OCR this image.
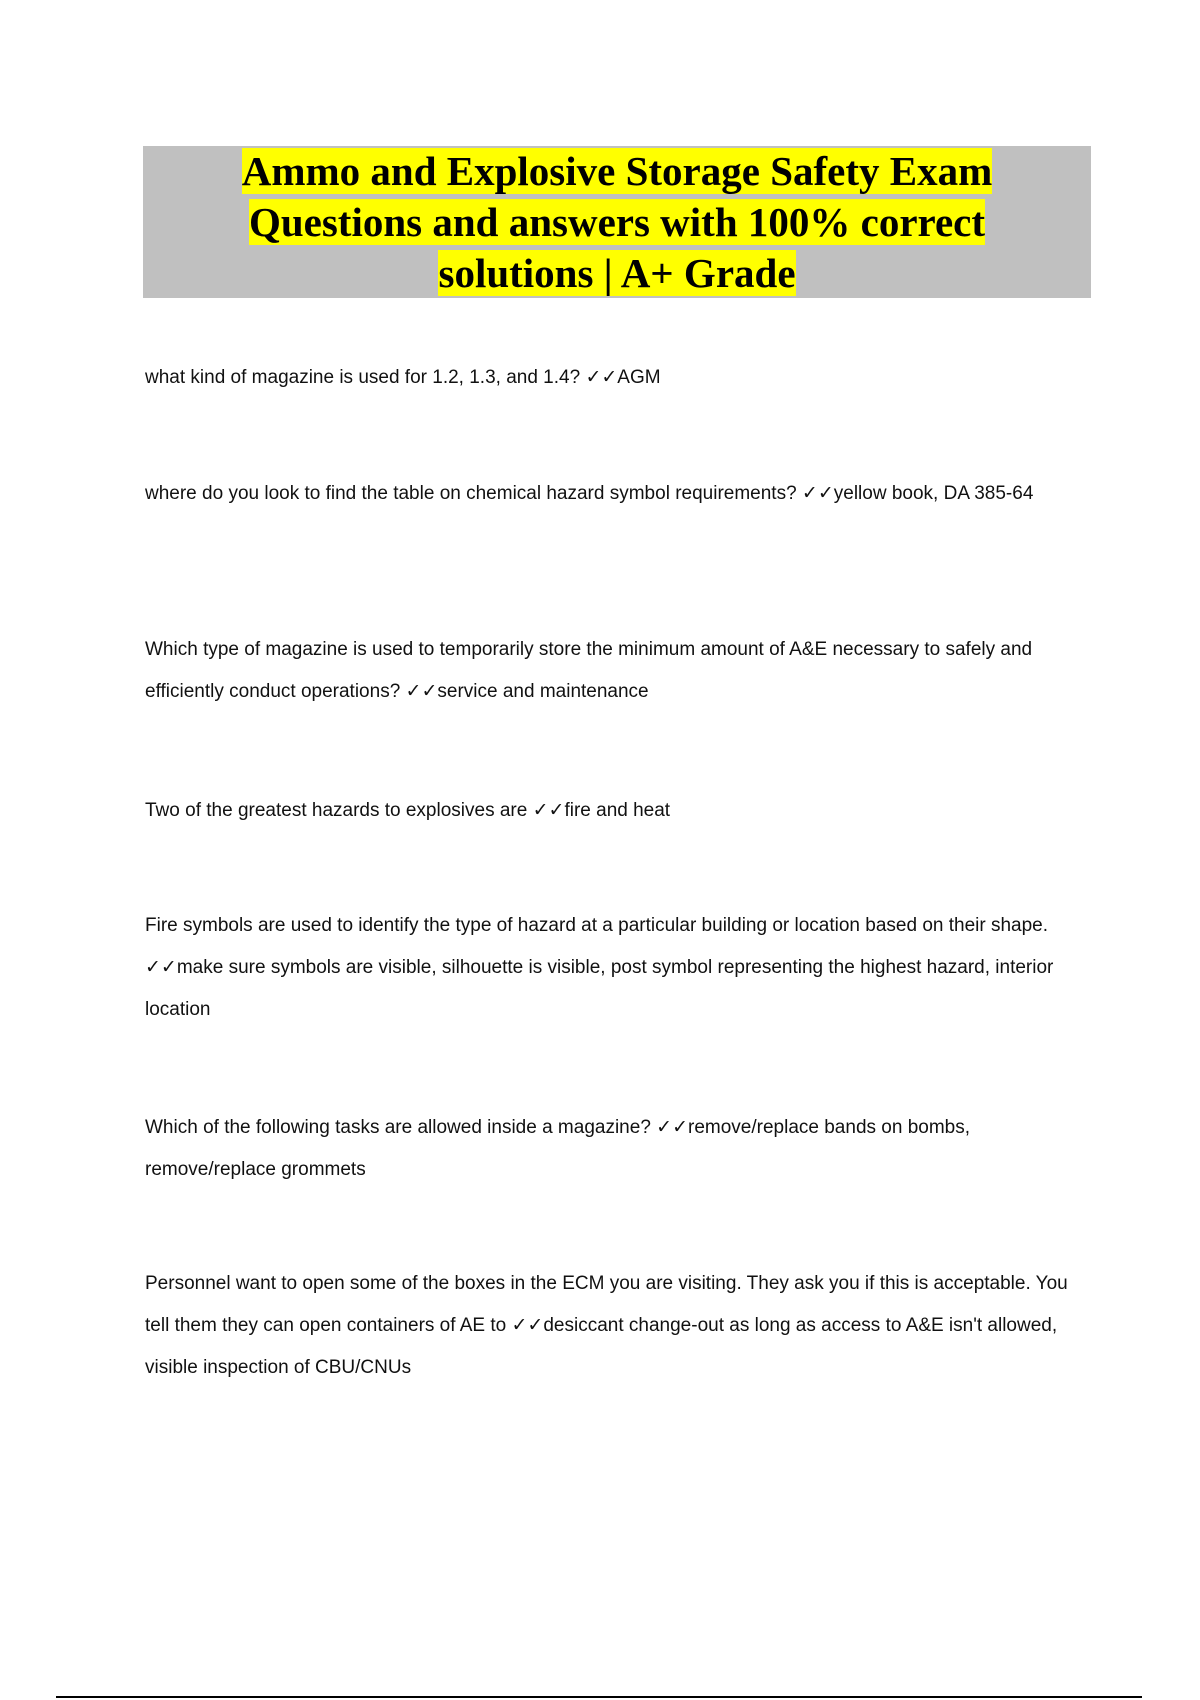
Ammo and Explosive Storage Safety Exam Questions and answers with 100% correct solutions | A+ Grade

what kind of magazine is used for 1.2, 1.3, and 1.4? ✓✓AGM

where do you look to find the table on chemical hazard symbol requirements? ✓✓yellow book, DA 385-64

Which type of magazine is used to temporarily store the minimum amount of A&E necessary to safely and efficiently conduct operations? ✓✓service and maintenance

Two of the greatest hazards to explosives are ✓✓fire and heat

Fire symbols are used to identify the type of hazard at a particular building or location based on their shape. ✓✓make sure symbols are visible, silhouette is visible, post symbol representing the highest hazard, interior location

Which of the following tasks are allowed inside a magazine? ✓✓remove/replace bands on bombs, remove/replace grommets

Personnel want to open some of the boxes in the ECM you are visiting. They ask you if this is acceptable. You tell them they can open containers of AE to ✓✓desiccant change-out as long as access to A&E isn't allowed, visible inspection of CBU/CNUs
